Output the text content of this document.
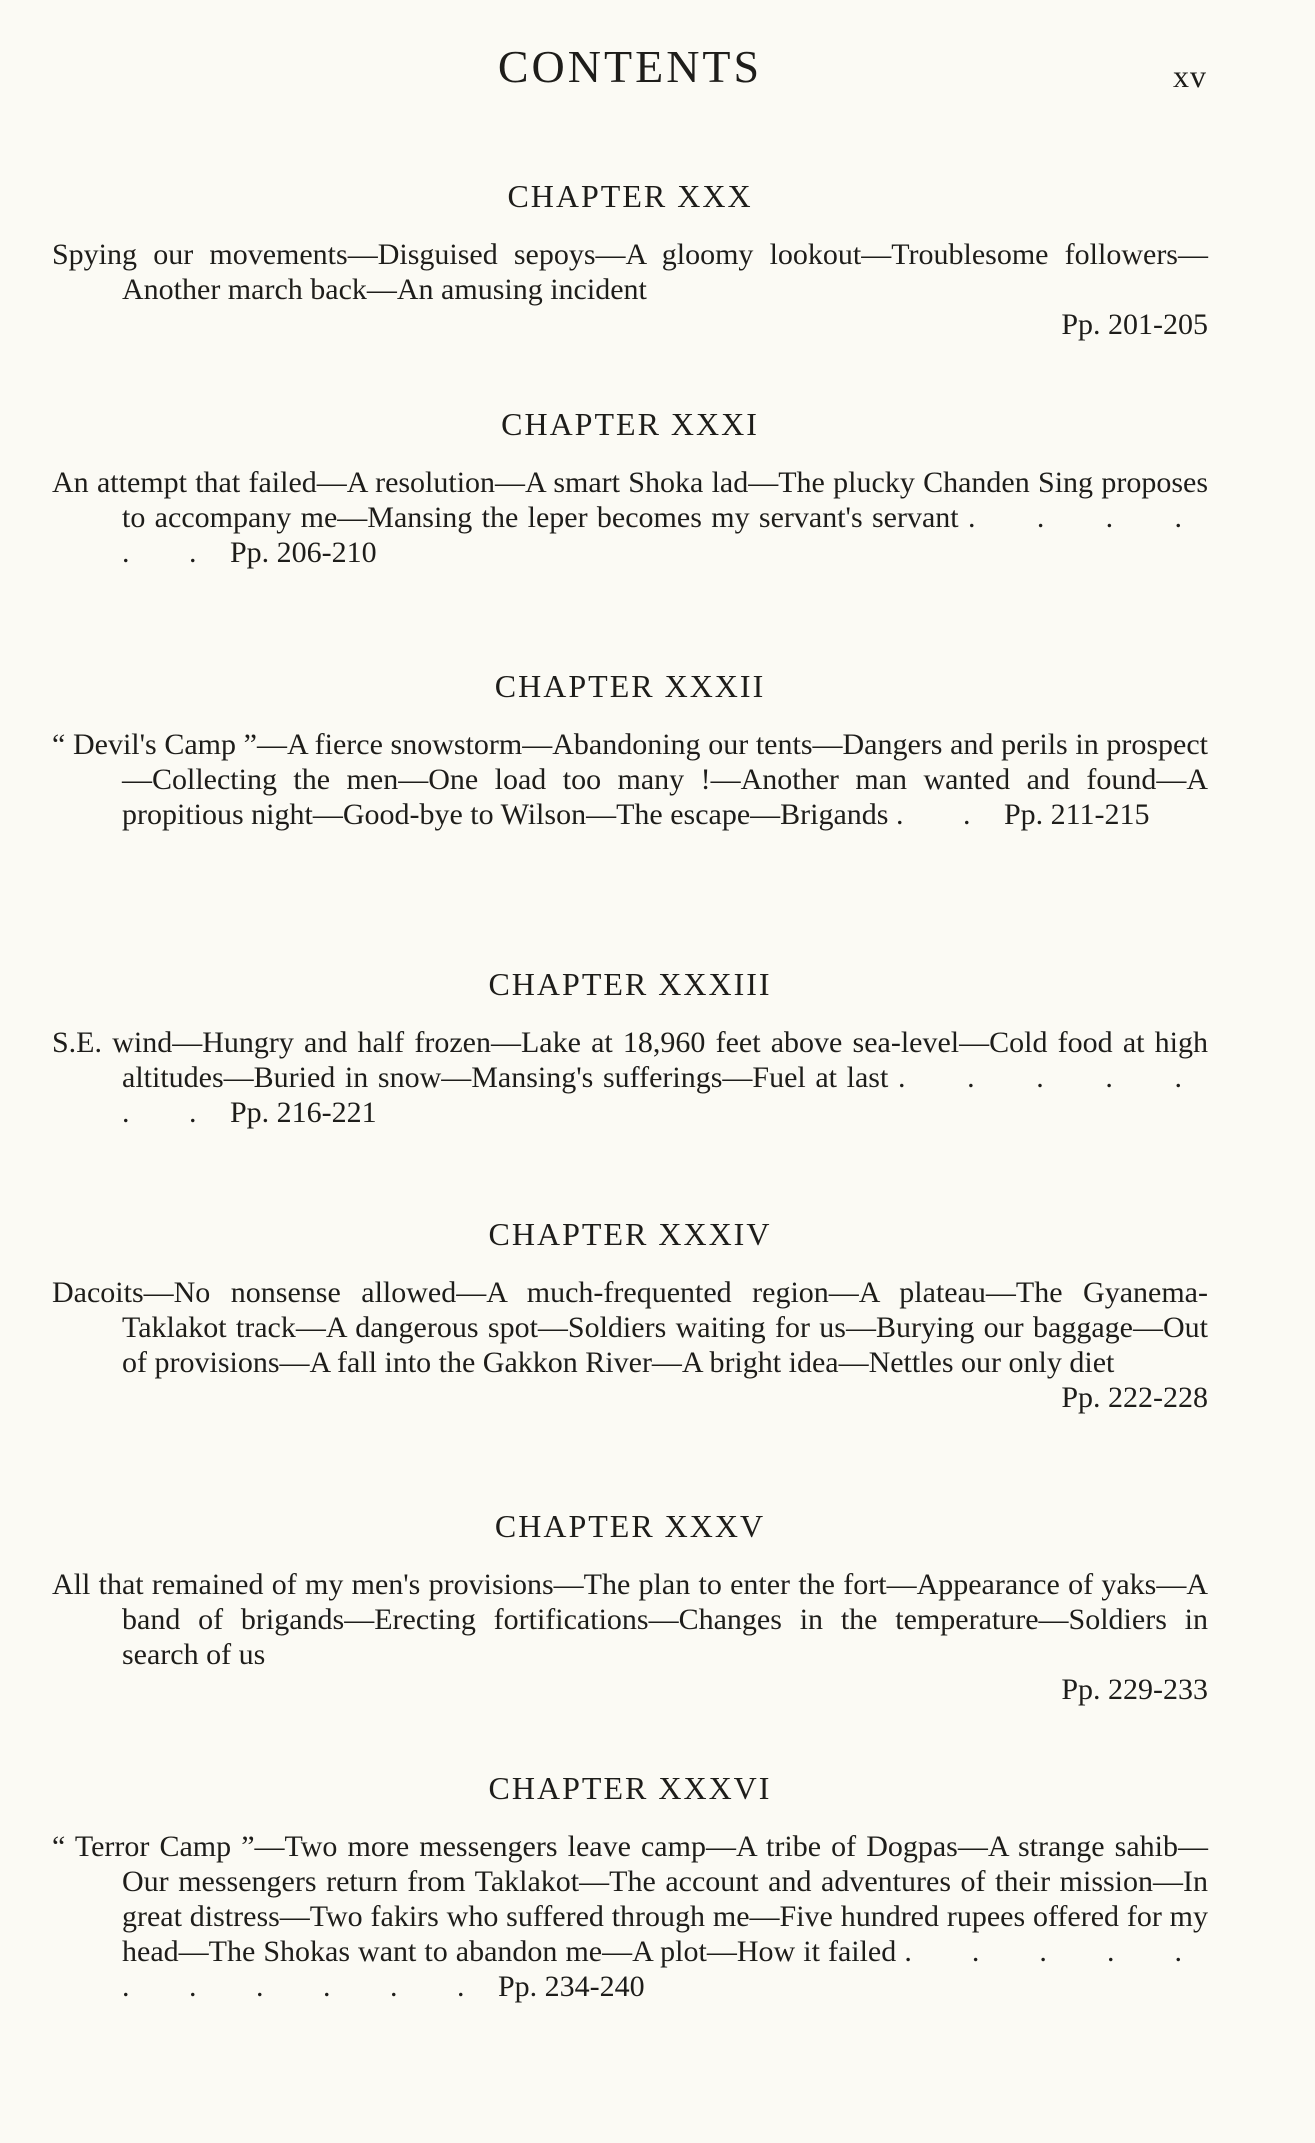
CONTENTS	xv
CHAPTER XXX
Spying our movements—Disguised sepoys—A gloomy lookout—Troublesome followers—Another march back—An amusing incident
Pp. 201-205
CHAPTER XXXI
An attempt that failed—A resolution—A smart Shoka lad—The plucky Chanden Sing proposes to accompany me—Mansing the leper becomes my servant's servant . . . . . . Pp. 206-210
CHAPTER XXXII
“ Devil's Camp ”—A fierce snowstorm—Abandoning our tents—Dangers and perils in prospect—Collecting the men—One load too many !—Another man wanted and found—A propitious night—Good-bye to Wilson—The escape—Brigands . . Pp. 211-215
CHAPTER XXXIII
S.E. wind—Hungry and half frozen—Lake at 18,960 feet above sea-level—Cold food at high altitudes—Buried in snow—Mansing's sufferings—Fuel at last . . . . . . . Pp. 216-221
CHAPTER XXXIV
Dacoits—No nonsense allowed—A much-frequented region—A plateau—The Gyanema-Taklakot track—A dangerous spot—Soldiers waiting for us—Burying our baggage—Out of provisions—A fall into the Gakkon River—A bright idea—Nettles our only diet
Pp. 222-228
CHAPTER XXXV
All that remained of my men's provisions—The plan to enter the fort—Appearance of yaks—A band of brigands—Erecting fortifications—Changes in the temperature—Soldiers in search of us
Pp. 229-233
CHAPTER XXXVI
“ Terror Camp ”—Two more messengers leave camp—A tribe of Dogpas—A strange sahib—Our messengers return from Taklakot—The account and adventures of their mission—In great distress—Two fakirs who suffered through me—Five hundred rupees offered for my head—The Shokas want to abandon me—A plot—How it failed . . . . . . . . . . . Pp. 234-240
